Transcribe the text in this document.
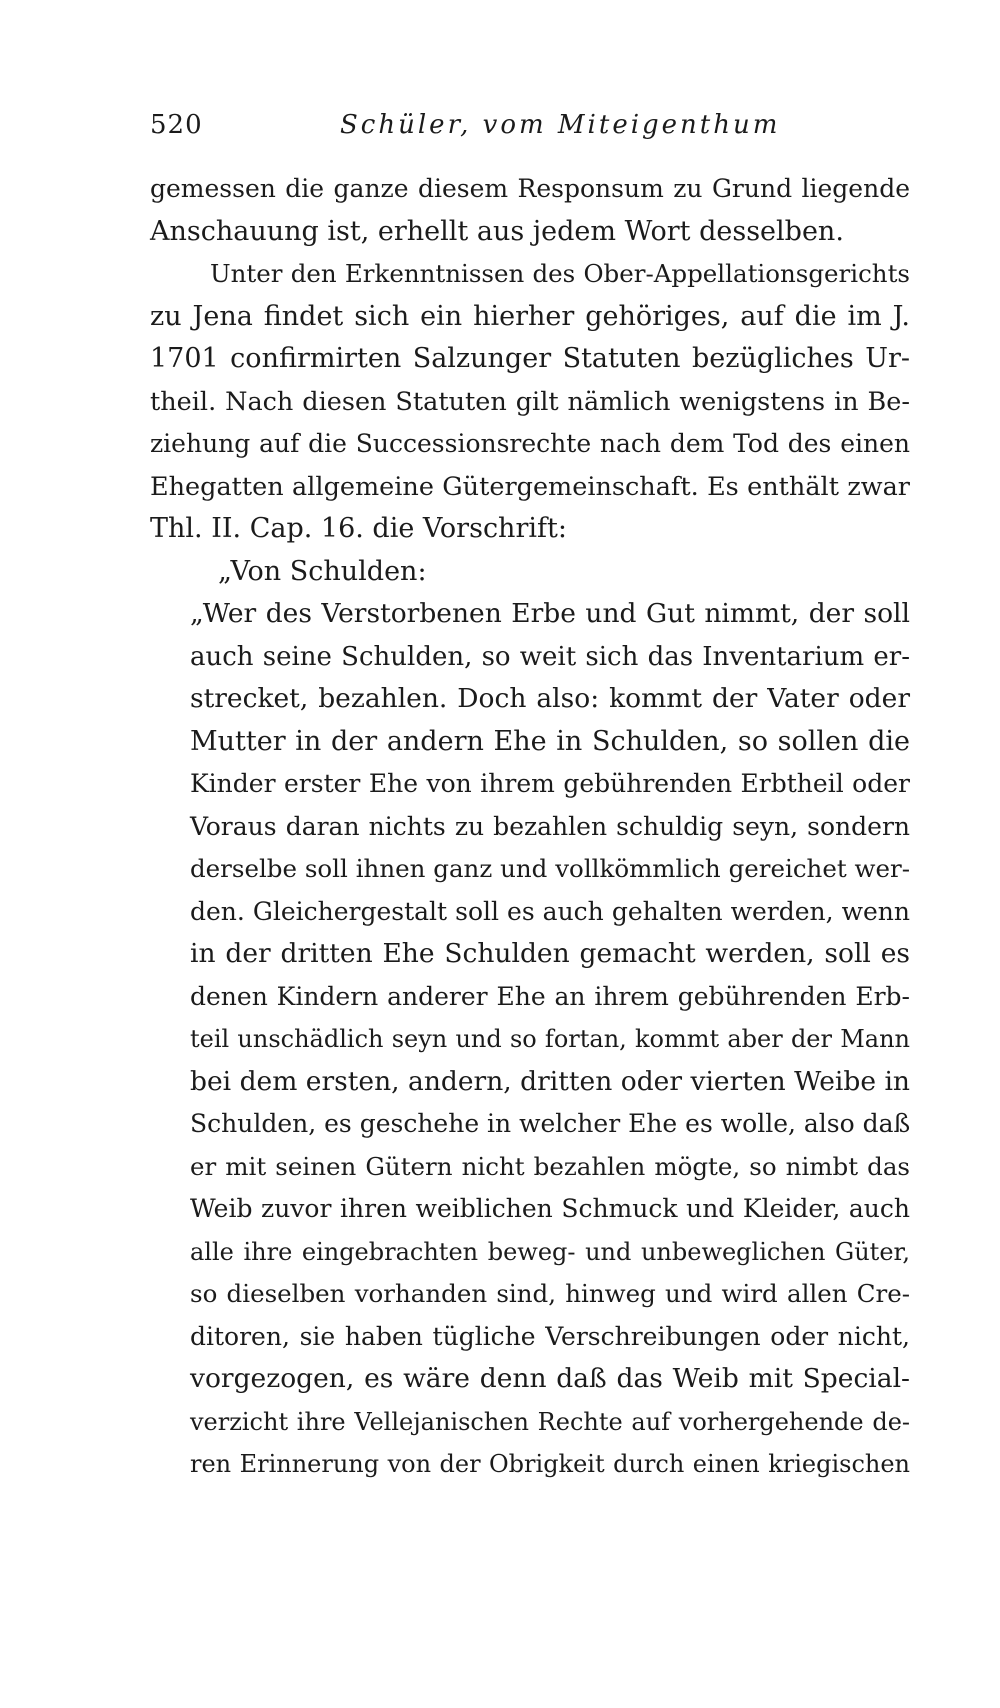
520	Schüler, vom Miteigenthum
gemessen die ganze diesem Responsum zu Grund liegende
Anschauung ist, erhellt aus jedem Wort desselben.
Unter den Erkenntnissen des Ober-Appellationsgerichts
zu Jena findet sich ein hierher gehöriges, auf die im J.
1701 confirmirten Salzunger Statuten bezügliches Ur-
theil. Nach diesen Statuten gilt nämlich wenigstens in Be-
ziehung auf die Successionsrechte nach dem Tod des einen
Ehegatten allgemeine Gütergemeinschaft. Es enthält zwar
Thl. II. Cap. 16. die Vorschrift:
„Von Schulden:
„Wer des Verstorbenen Erbe und Gut nimmt, der soll
auch seine Schulden, so weit sich das Inventarium er-
strecket, bezahlen. Doch also: kommt der Vater oder
Mutter in der andern Ehe in Schulden, so sollen die
Kinder erster Ehe von ihrem gebührenden Erbtheil oder
Voraus daran nichts zu bezahlen schuldig seyn, sondern
derselbe soll ihnen ganz und vollkömmlich gereichet wer-
den. Gleichergestalt soll es auch gehalten werden, wenn
in der dritten Ehe Schulden gemacht werden, soll es
denen Kindern anderer Ehe an ihrem gebührenden Erb-
teil unschädlich seyn und so fortan, kommt aber der Mann
bei dem ersten, andern, dritten oder vierten Weibe in
Schulden, es geschehe in welcher Ehe es wolle, also daß
er mit seinen Gütern nicht bezahlen mögte, so nimbt das
Weib zuvor ihren weiblichen Schmuck und Kleider, auch
alle ihre eingebrachten beweg- und unbeweglichen Güter,
so dieselben vorhanden sind, hinweg und wird allen Cre-
ditoren, sie haben tügliche Verschreibungen oder nicht,
vorgezogen, es wäre denn daß das Weib mit Special-
verzicht ihre Vellejanischen Rechte auf vorhergehende de-
ren Erinnerung von der Obrigkeit durch einen kriegischen
